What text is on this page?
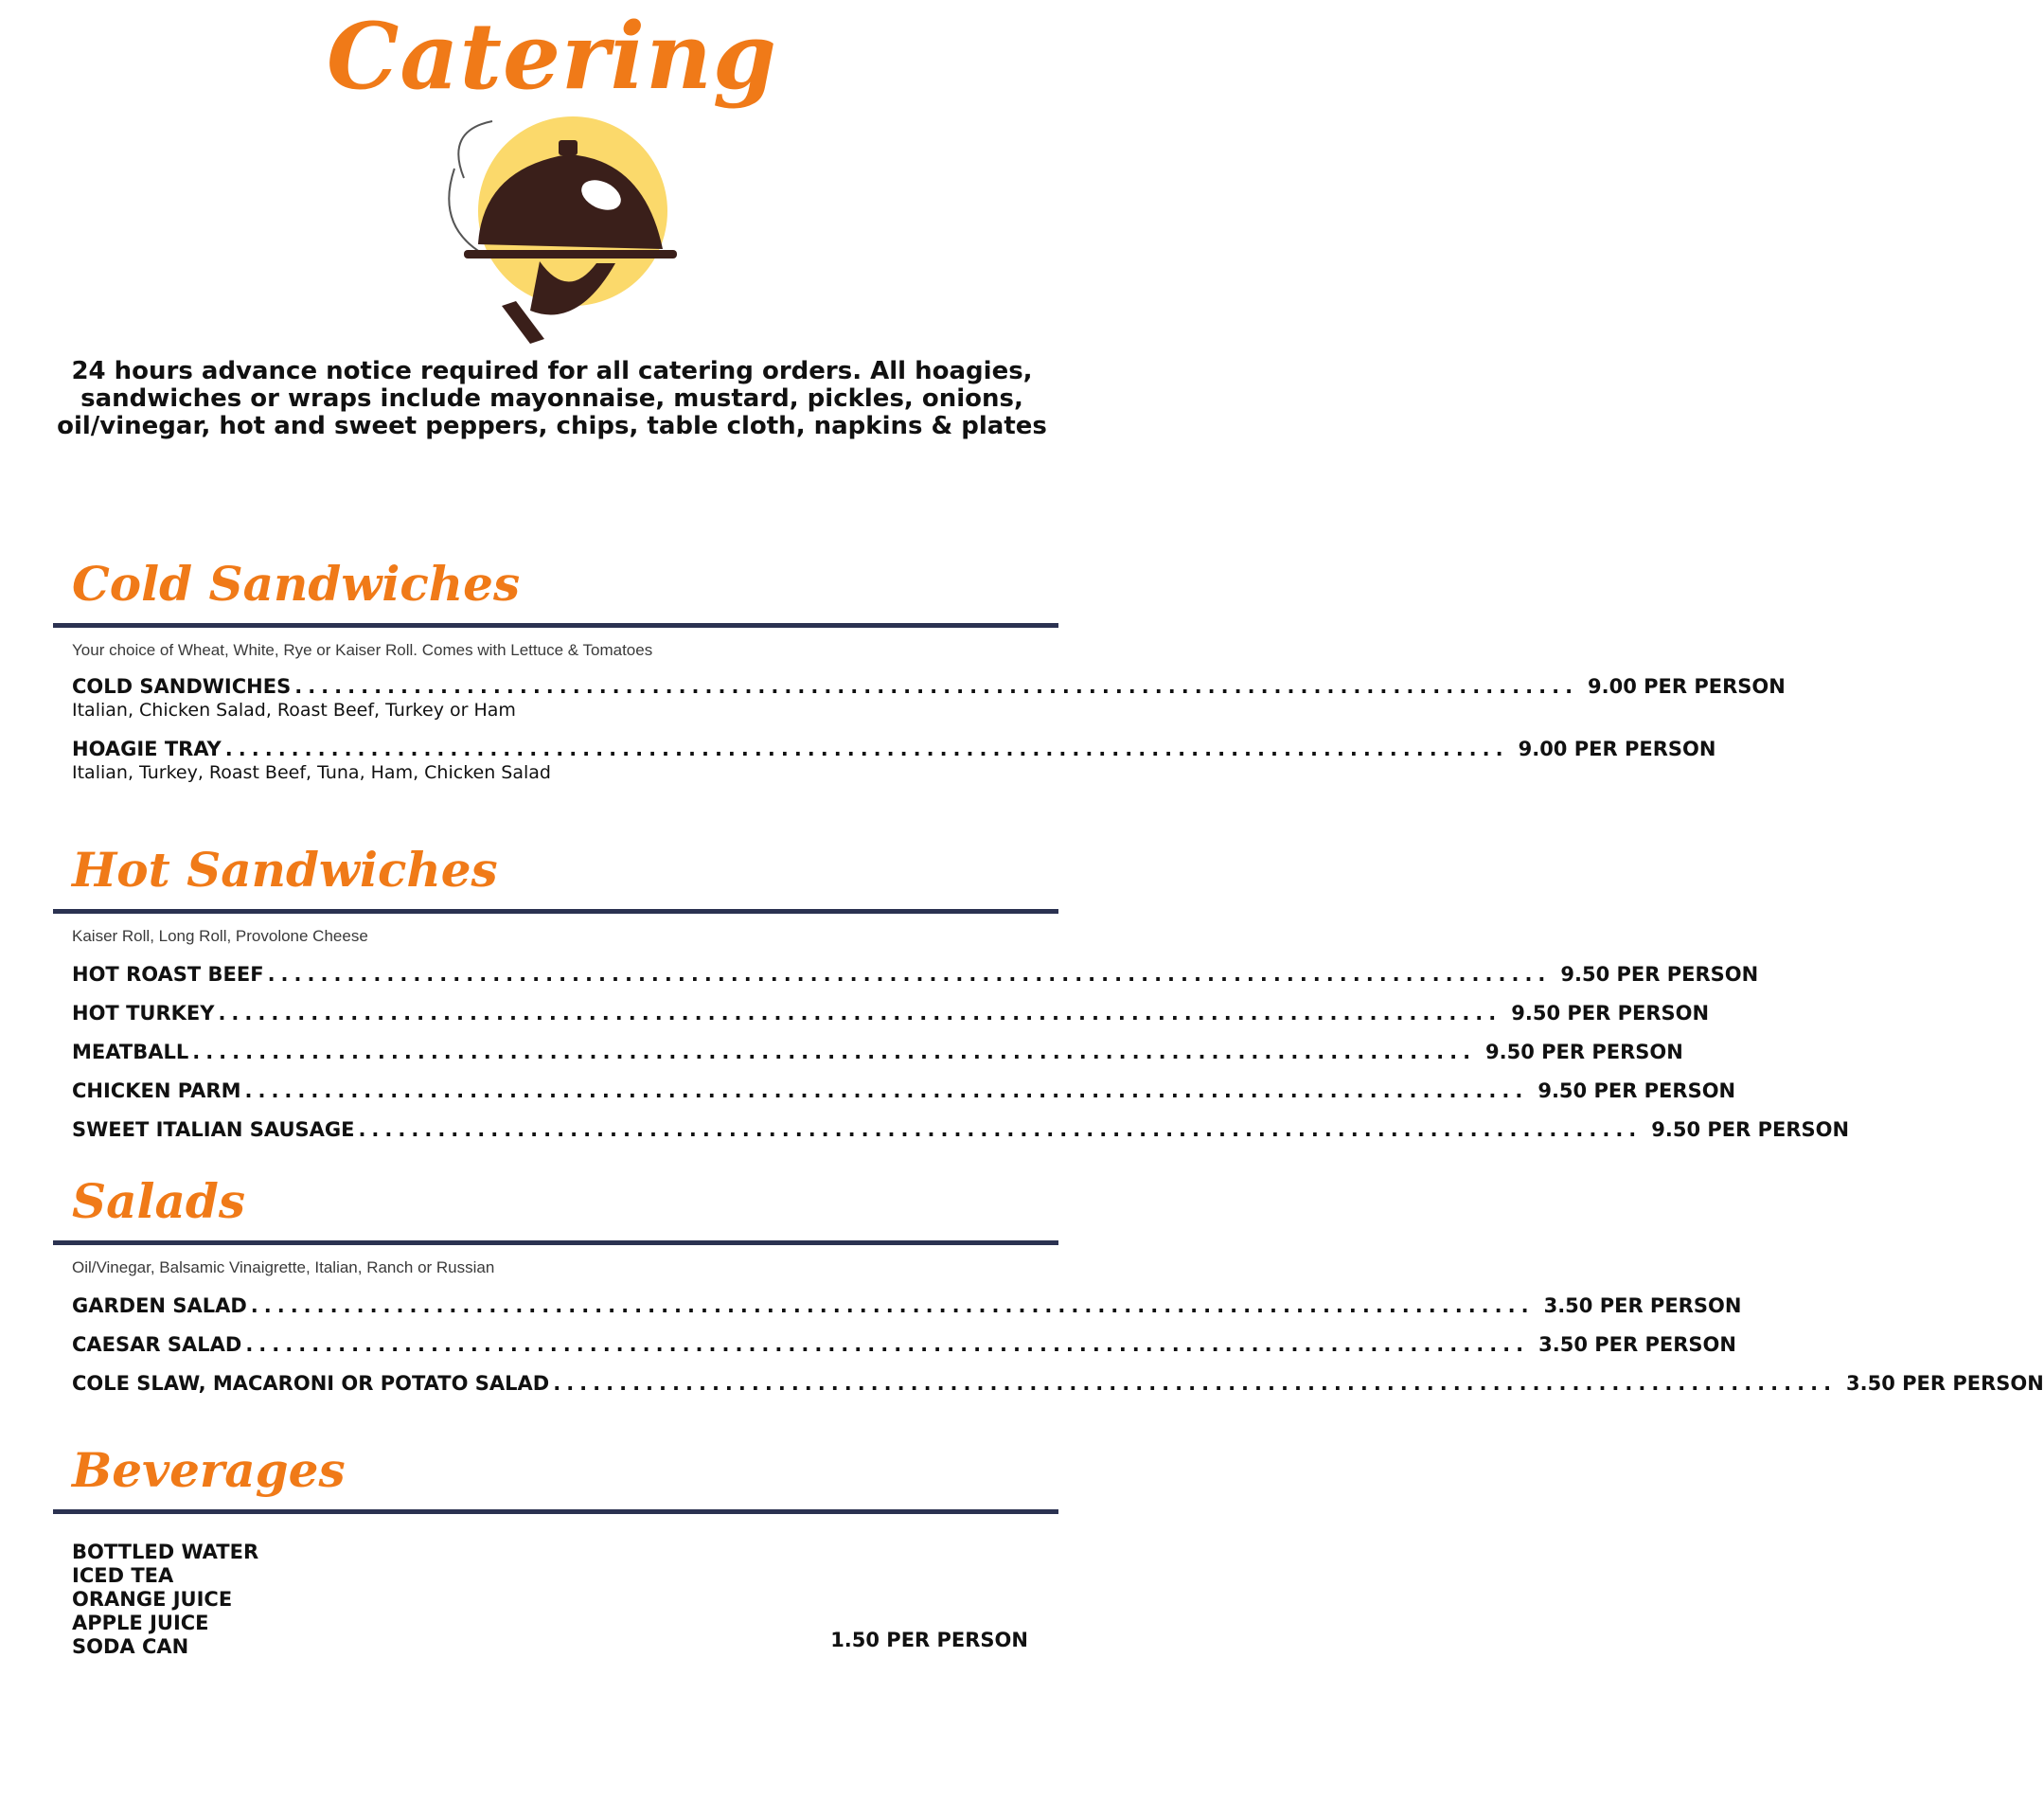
Catering
24 hours advance notice required for all catering orders. All hoagies, sandwiches or wraps include mayonnaise, mustard, pickles, onions, oil/vinegar, hot and sweet peppers, chips, table cloth, napkins & plates
Cold Sandwiches
Your choice of Wheat, White, Rye or Kaiser Roll. Comes with Lettuce & Tomatoes
COLD SANDWICHES ................................................................................................. 9.00 PER PERSON
Italian, Chicken Salad, Roast Beef, Turkey or Ham
HOAGIE TRAY ................................................................................................. 9.00 PER PERSON
Italian, Turkey, Roast Beef, Tuna, Ham, Chicken Salad
Hot Sandwiches
Kaiser Roll, Long Roll, Provolone Cheese
HOT ROAST BEEF ................................................................................................. 9.50 PER PERSON
HOT TURKEY ................................................................................................. 9.50 PER PERSON
MEATBALL ................................................................................................. 9.50 PER PERSON
CHICKEN PARM ................................................................................................. 9.50 PER PERSON
SWEET ITALIAN SAUSAGE ................................................................................................. 9.50 PER PERSON
Salads
Oil/Vinegar, Balsamic Vinaigrette, Italian, Ranch or Russian
GARDEN SALAD ................................................................................................. 3.50 PER PERSON
CAESAR SALAD ................................................................................................. 3.50 PER PERSON
COLE SLAW, MACARONI OR POTATO SALAD ................................................................................................. 3.50 PER PERSON
Beverages
BOTTLED WATER
ICED TEA
ORANGE JUICE
APPLE JUICE
SODA CAN	1.50 PER PERSON
